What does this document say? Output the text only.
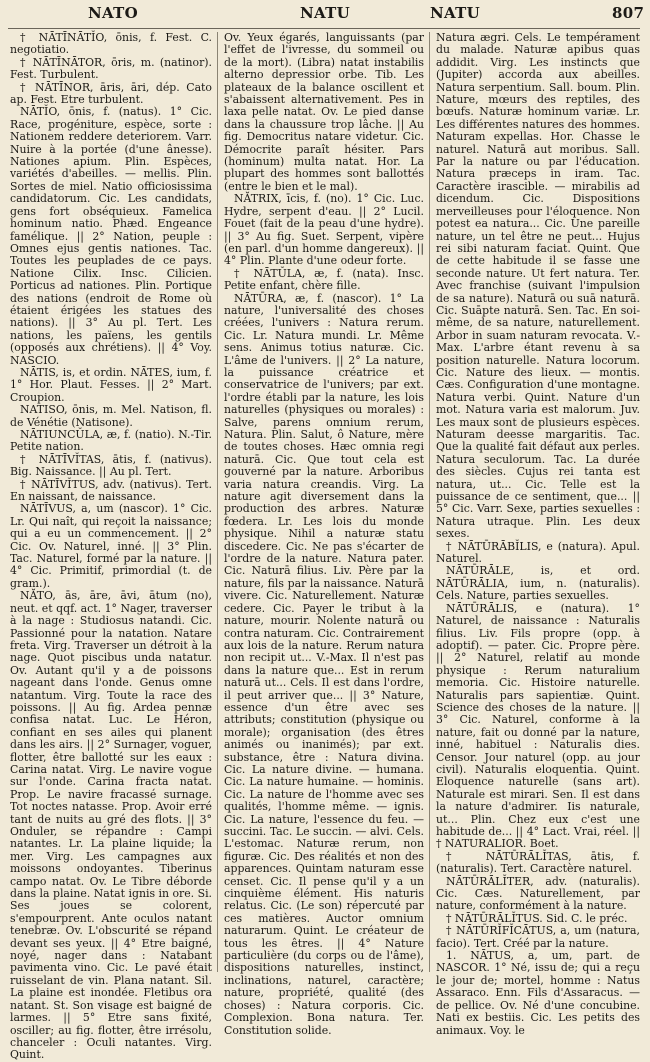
NATO	NATU	NATU	807

† NĀTĪNĀTĬO, ōnis, f. Fest. C. negotiatio.

† NĀTĪNĀTOR, ōris, m. (natinor). Fest. Turbulent.

† NĀTĪNOR, āris, āri, dép. Cato ap. Fest. Etre turbulent.

NĀTĬO, ōnis, f. (natus). 1° Cic. Race, progéniture, espèce, sorte : Nationem reddere deteriorem. Varr. Nuire à la portée (d'une ânesse). Nationes apium. Plin. Espèces, variétés d'abeilles. — mellis. Plin. Sortes de miel. Natio officiosissima candidatorum. Cic. Les candidats, gens fort obséquieux. Famelica hominum natio. Phæd. Engeance famélique. || 2° Nation, peuple : Omnes ejus gentis nationes. Tac. Toutes les peuplades de ce pays. Natione Cilix. Insc. Cilicien. Porticus ad nationes. Plin. Portique des nations (endroit de Rome où étaient érigées les statues des nations). || 3° Au pl. Tert. Les nations, les païens, les gentils (opposés aux chrétiens). || 4° Voy. NASCIO.

NĀTIS, is, et ordin. NĀTES, ium, f. 1° Hor. Plaut. Fesses. || 2° Mart. Croupion.

NATISO, ōnis, m. Mel. Natison, fl. de Vénétie (Natisone).

NĀTIUNCŬLA, æ, f. (natio). N.-Tir. Petite nation.

† NĀTĪVĬTAS, ātis, f. (nativus). Big. Naissance. || Au pl. Tert.

† NĀTĪVĬTUS, adv. (nativus). Tert. En naissant, de naissance.

NĀTĪVUS, a, um (nascor). 1° Cic. Lr. Qui naît, qui reçoit la naissance; qui a eu un commencement. || 2° Cic. Ov. Naturel, inné. || 3° Plin. Tac. Naturel, formé par la nature. || 4° Cic. Primitif, primordial (t. de gram.).

NĂTO, ās, āre, āvi, ātum (no), neut. et qqf. act. 1° Nager, traverser à la nage : Studiosus natandi. Cic. Passionné pour la natation. Natare freta. Virg. Traverser un détroit à la nage. Quot piscibus unda natatur. Ov. Autant qu'il y a de poissons nageant dans l'onde. Genus omne natantum. Virg. Toute la race des poissons. || Au fig. Ardea pennæ confisa natat. Luc. Le Héron, confiant en ses ailes qui planent dans les airs. || 2° Surnager, voguer, flotter, être ballotté sur les eaux : Carina natat. Virg. Le navire vogue sur l'onde. Carina fracta natat. Prop. Le navire fracassé surnage. Tot noctes natasse. Prop. Avoir erré tant de nuits au gré des flots. || 3° Onduler, se répandre : Campi natantes. Lr. La plaine liquide; la mer. Virg. Les campagnes aux moissons ondoyantes. Tiberinus campo natat. Ov. Le Tibre déborde dans la plaine. Natat ignis in ore. Si. Ses joues se colorent, s'empourprent. Ante oculos natant tenebræ. Ov. L'obscurité se répand devant ses yeux. || 4° Etre baigné, noyé, nager dans : Natabant pavimenta vino. Cic. Le pavé était ruisselant de vin. Plana natant. Sil. La plaine est inondée. Fletibus ora natant. St. Son visage est baigné de larmes. || 5° Etre sans fixité, osciller; au fig. flotter, être irrésolu, chanceler : Oculi natantes. Virg. Quint.

Ov. Yeux égarés, languissants (par l'effet de l'ivresse, du sommeil ou de la mort). (Libra) natat instabilis alterno depressior orbe. Tib. Les plateaux de la balance oscillent et s'abaissent alternativement. Pes in laxa pelle natat. Ov. Le pied danse dans la chaussure trop lâche. || Au fig. Democritus natare videtur. Cic. Démocrite paraît hésiter. Pars (hominum) multa natat. Hor. La plupart des hommes sont ballottés (entre le bien et le mal).

NĂTRIX, īcis, f. (no). 1° Cic. Luc. Hydre, serpent d'eau. || 2° Lucil. Fouet (fait de la peau d'une hydre). || 3° Au fig. Suet. Serpent, vipère (en parl. d'un homme dangereux). || 4° Plin. Plante d'une odeur forte.

† NĀTŬLA, æ, f. (nata). Insc. Petite enfant, chère fille.

NĀTŪRA, æ, f. (nascor). 1° La nature, l'universalité des choses créées, l'univers : Natura rerum. Cic. Lr. Natura mundi. Lr. Même sens. Animus totius naturæ. Cic. L'âme de l'univers. || 2° La nature, la puissance créatrice et conservatrice de l'univers; par ext. l'ordre établi par la nature, les lois naturelles (physiques ou morales) : Salve, parens omnium rerum, Natura. Plin. Salut, ô Nature, mère de toutes choses. Hæc omnia regi naturā. Cic. Que tout cela est gouverné par la nature. Arboribus varia natura creandis. Virg. La nature agit diversement dans la production des arbres. Naturæ fœdera. Lr. Les lois du monde physique. Nihil a naturæ statu discedere. Cic. Ne pas s'écarter de l'ordre de la nature. Natura pater. Cic. Naturā filius. Liv. Père par la nature, fils par la naissance. Naturā vivere. Cic. Naturellement. Naturæ cedere. Cic. Payer le tribut à la nature, mourir. Nolente naturā ou contra naturam. Cic. Contrairement aux lois de la nature. Rerum natura non recipit ut... V.-Max. Il n'est pas dans la nature que... Est in rerum naturā ut... Cels. Il est dans l'ordre, il peut arriver que... || 3° Nature, essence d'un être avec ses attributs; constitution (physique ou morale); organisation (des êtres animés ou inanimés); par ext. substance, être : Natura divina. Cic. La nature divine. — humana. Cic. La nature humaine. — hominis. Cic. La nature de l'homme avec ses qualités, l'homme même. — ignis. Cic. La nature, l'essence du feu. — succini. Tac. Le succin. — alvi. Cels. L'estomac. Naturæ rerum, non figuræ. Cic. Des réalités et non des apparences. Quintam naturam esse censet. Cic. Il pense qu'il y a un cinquième élément. His naturis relatus. Cic. (Le son) répercuté par ces matières. Auctor omnium naturarum. Quint. Le créateur de tous les êtres. || 4° Nature particulière (du corps ou de l'âme), dispositions naturelles, instinct, inclinations, naturel, caractère; nature, propriété, qualité (des choses) : Natura corporis. Cic. Complexion. Bona natura. Ter. Constitution solide.

Natura ægri. Cels. Le tempérament du malade. Naturæ apibus quas addidit. Virg. Les instincts que (Jupiter) accorda aux abeilles. Natura serpentium. Sall. boum. Plin. Nature, mœurs des reptiles, des bœufs. Naturæ hominum variæ. Lr. Les différentes natures des hommes. Naturam expellas. Hor. Chasse le naturel. Naturā aut moribus. Sall. Par la nature ou par l'éducation. Natura præceps in iram. Tac. Caractère irascible. — mirabilis ad dicendum. Cic. Dispositions merveilleuses pour l'éloquence. Non potest ea natura... Cic. Une pareille nature, un tel être ne peut... Hujus rei sibi naturam faciat. Quint. Que de cette habitude il se fasse une seconde nature. Ut fert natura. Ter. Avec franchise (suivant l'impulsion de sa nature). Naturā ou suā naturā. Cic. Suāpte naturā. Sen. Tac. En soi-même, de sa nature, naturellement. Arbor in suam naturam revocata. V.-Max. L'arbre étant revenu à sa position naturelle. Natura locorum. Cic. Nature des lieux. — montis. Cæs. Configuration d'une montagne. Natura verbi. Quint. Nature d'un mot. Natura varia est malorum. Juv. Les maux sont de plusieurs espèces. Naturam deesse margaritis. Tac. Que la qualité fait défaut aux perles. Natura seculorum. Tac. La durée des siècles. Cujus rei tanta est natura, ut... Cic. Telle est la puissance de ce sentiment, que... || 5° Cic. Varr. Sexe, parties sexuelles : Natura utraque. Plin. Les deux sexes.

† NĀTŪRĀBĬLIS, e (natura). Apul. Naturel.

NĀTŪRĀLE, is, et ord. NĀTŪRĀLIA, ium, n. (naturalis). Cels. Nature, parties sexuelles.

NĀTŪRĀLIS, e (natura). 1° Naturel, de naissance : Naturalis filius. Liv. Fils propre (opp. à adoptif). — pater. Cic. Propre père. || 2° Naturel, relatif au monde physique : Rerum naturalium memoria. Cic. Histoire naturelle. Naturalis pars sapientiæ. Quint. Science des choses de la nature. || 3° Cic. Naturel, conforme à la nature, fait ou donné par la nature, inné, habituel : Naturalis dies. Censor. Jour naturel (opp. au jour civil). Naturalis eloquentia. Quint. Eloquence naturelle (sans art). Naturale est mirari. Sen. Il est dans la nature d'admirer. Iis naturale, ut... Plin. Chez eux c'est une habitude de... || 4° Lact. Vrai, réel. || † NATURALIOR. Boet.

† NĀTŪRĀLĬTAS, ātis, f. (naturalis). Tert. Caractère naturel.

NĀTŪRĀLĬTER, adv. (naturalis). Cic. Cæs. Naturellement, par nature, conformément à la nature.

† NĀTŪRĀLĬTUS. Sid. C. le préc.

† NĀTŪRĬFĬCĀTUS, a, um (natura, facio). Tert. Créé par la nature.

1. NĀTUS, a, um, part. de NASCOR. 1° Né, issu de; qui a reçu le jour de; mortel, homme : Natus Assaraco. Enn. Fils d'Assaracus. — de pellice. Ov. Né d'une concubine. Nati ex bestiis. Cic. Les petits des animaux. Voy. le
